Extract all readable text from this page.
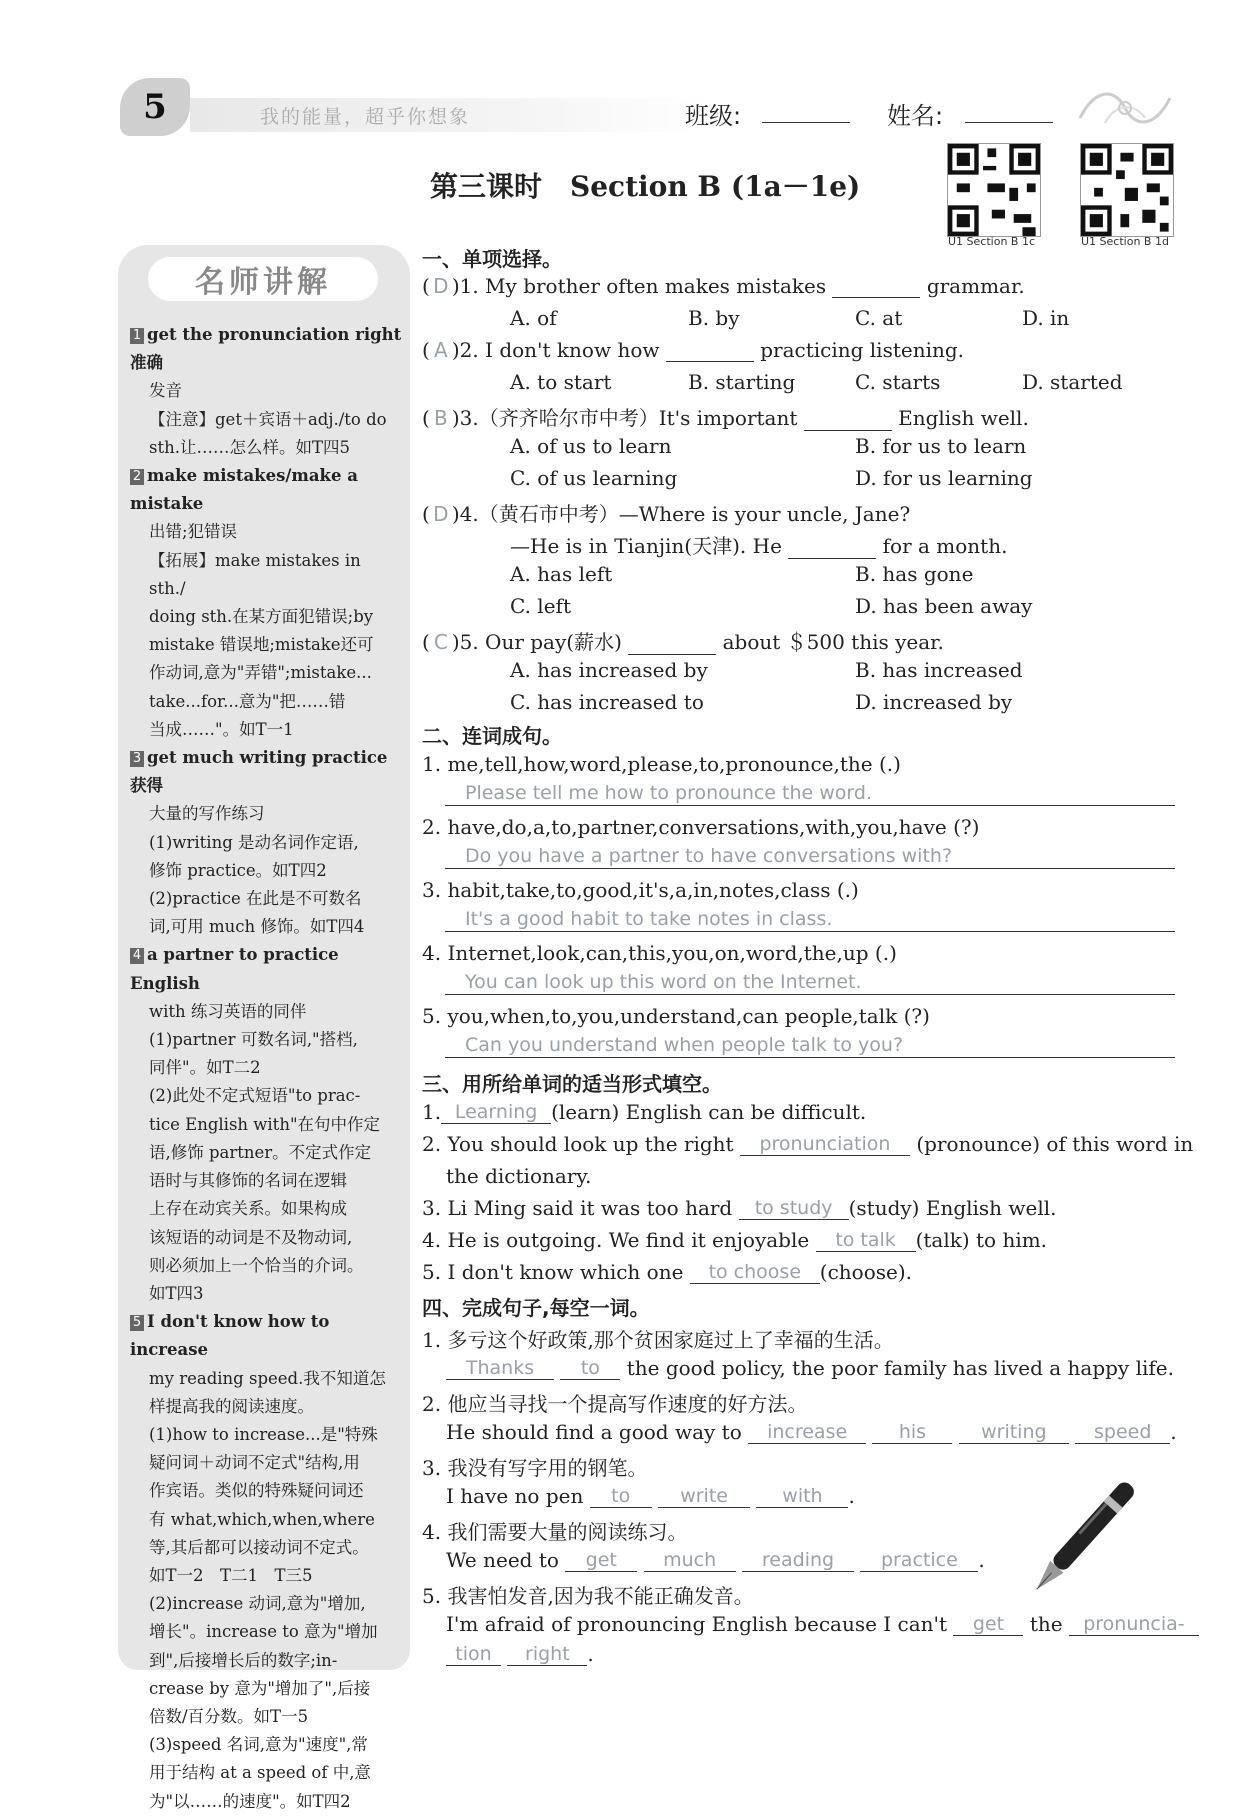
5	我的能量，超乎你想象	班级:	姓名:
第三课时　Section B (1a－1e)
U1 Section B 1c	U1 Section B 1d
名师讲解

1 get the pronunciation right 准确

发音

【注意】get＋宾语＋adj./to do

sth.让……怎么样。如T四5

2 make mistakes/make a mistake

出错;犯错误

【拓展】make mistakes in sth./

doing sth.在某方面犯错误;by

mistake 错误地;mistake还可

作动词,意为"弄错";mistake...

take...for...意为"把……错

当成……"。如T一1

3 get much writing practice 获得

大量的写作练习

(1)writing 是动名词作定语,

修饰 practice。如T四2

(2)practice 在此是不可数名

词,可用 much 修饰。如T四4

4 a partner to practice English

with 练习英语的同伴

(1)partner 可数名词,"搭档,

同伴"。如T二2

(2)此处不定式短语"to prac-

tice English with"在句中作定

语,修饰 partner。不定式作定

语时与其修饰的名词在逻辑

上存在动宾关系。如果构成

该短语的动词是不及物动词,

则必须加上一个恰当的介词。

如T四3

5 I don't know how to increase

my reading speed.我不知道怎

样提高我的阅读速度。

(1)how to increase...是"特殊

疑问词＋动词不定式"结构,用

作宾语。类似的特殊疑问词还

有 what,which,when,where

等,其后都可以接动词不定式。

如T一2　T二1　T三5

(2)increase 动词,意为"增加,

增长"。increase to 意为"增加

到",后接增长后的数字;in-

crease by 意为"增加了",后接

倍数/百分数。如T一5

(3)speed 名词,意为"速度",常

用于结构 at a speed of 中,意

为"以……的速度"。如T四2

一、单项选择。
( D )1. My brother often makes mistakes	grammar.
A. of	B. by	C. at	D. in
( A )2. I don't know how	practicing listening.
A. to start	B. starting	C. starts	D. started
( B )3.（齐齐哈尔市中考）It's important	English well.
A. of us to learn	B. for us to learn
C. of us learning	D. for us learning
( D )4.（黄石市中考）—Where is your uncle, Jane?
—He is in Tianjin(天津). He	for a month.
A. has left	B. has gone
C. left	D. has been away
( C )5. Our pay(薪水)	about ＄500 this year.
A. has increased by	B. has increased
C. has increased to	D. increased by
二、连词成句。
1. me,tell,how,word,please,to,pronounce,the (.)
Please tell me how to pronounce the word.
2. have,do,a,to,partner,conversations,with,you,have (?)
Do you have a partner to have conversations with?
3. habit,take,to,good,it's,a,in,notes,class (.)
It's a good habit to take notes in class.
4. Internet,look,can,this,you,on,word,the,up (.)
You can look up this word on the Internet.
5. you,when,to,you,understand,can people,talk (?)
Can you understand when people talk to you?
三、用所给单词的适当形式填空。
1. Learning (learn) English can be difficult.
2. You should look up the right pronunciation (pronounce) of this word in
the dictionary.
3. Li Ming said it was too hard to study (study) English well.
4. He is outgoing. We find it enjoyable to talk (talk) to him.
5. I don't know which one to choose (choose).
四、完成句子,每空一词。
1. 多亏这个好政策,那个贫困家庭过上了幸福的生活。
Thanks to the good policy, the poor family has lived a happy life.
2. 他应当寻找一个提高写作速度的好方法。
He should find a good way to increase	his	writing speed .
3. 我没有写字用的钢笔。
I have no pen to	write	with .
4. 我们需要大量的阅读练习。
We need to get much reading practice .
5. 我害怕发音,因为我不能正确发音。
I'm afraid of pronouncing English because I can't get the pronuncia-
tion right .
